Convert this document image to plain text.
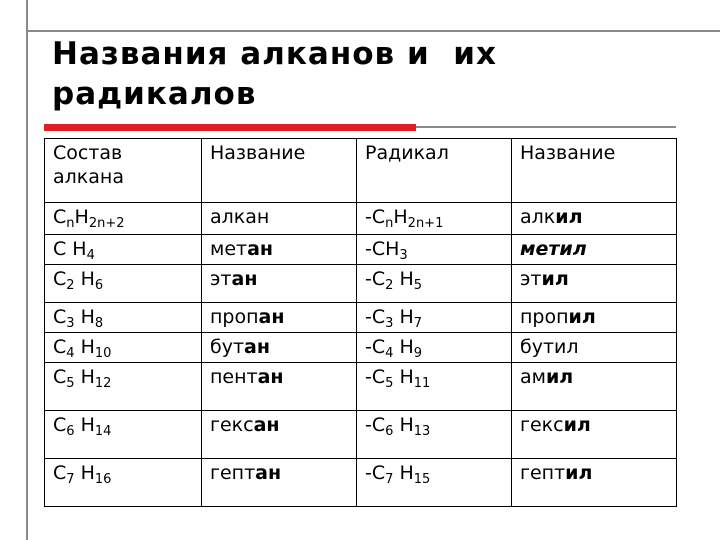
Названия алканов и  их
радикалов
Состав
алкана	Название	Радикал	Название
$C_nH_{2n+2}$	алкан	$-C_nH_{2n+1}$	алкил
C $H_4$	метан	$-CH_3$	метил
$C_2$ $H_6$	этан	$-C_2$ $H_5$	этил
$C_3$ $H_8$	пропан	$-C_3$ $H_7$	пропил
$C_4$ $H_{10}$	бутан	$-C_4$ $H_9$	бутил
$C_5$ $H_{12}$	пентан	$-C_5$ $H_{11}$	амил
$C_6$ $H_{14}$	гексан	$-C_6$ $H_{13}$	гексил
$C_7$ $H_{16}$	гептан	$-C_7$ $H_{15}$	гептил
